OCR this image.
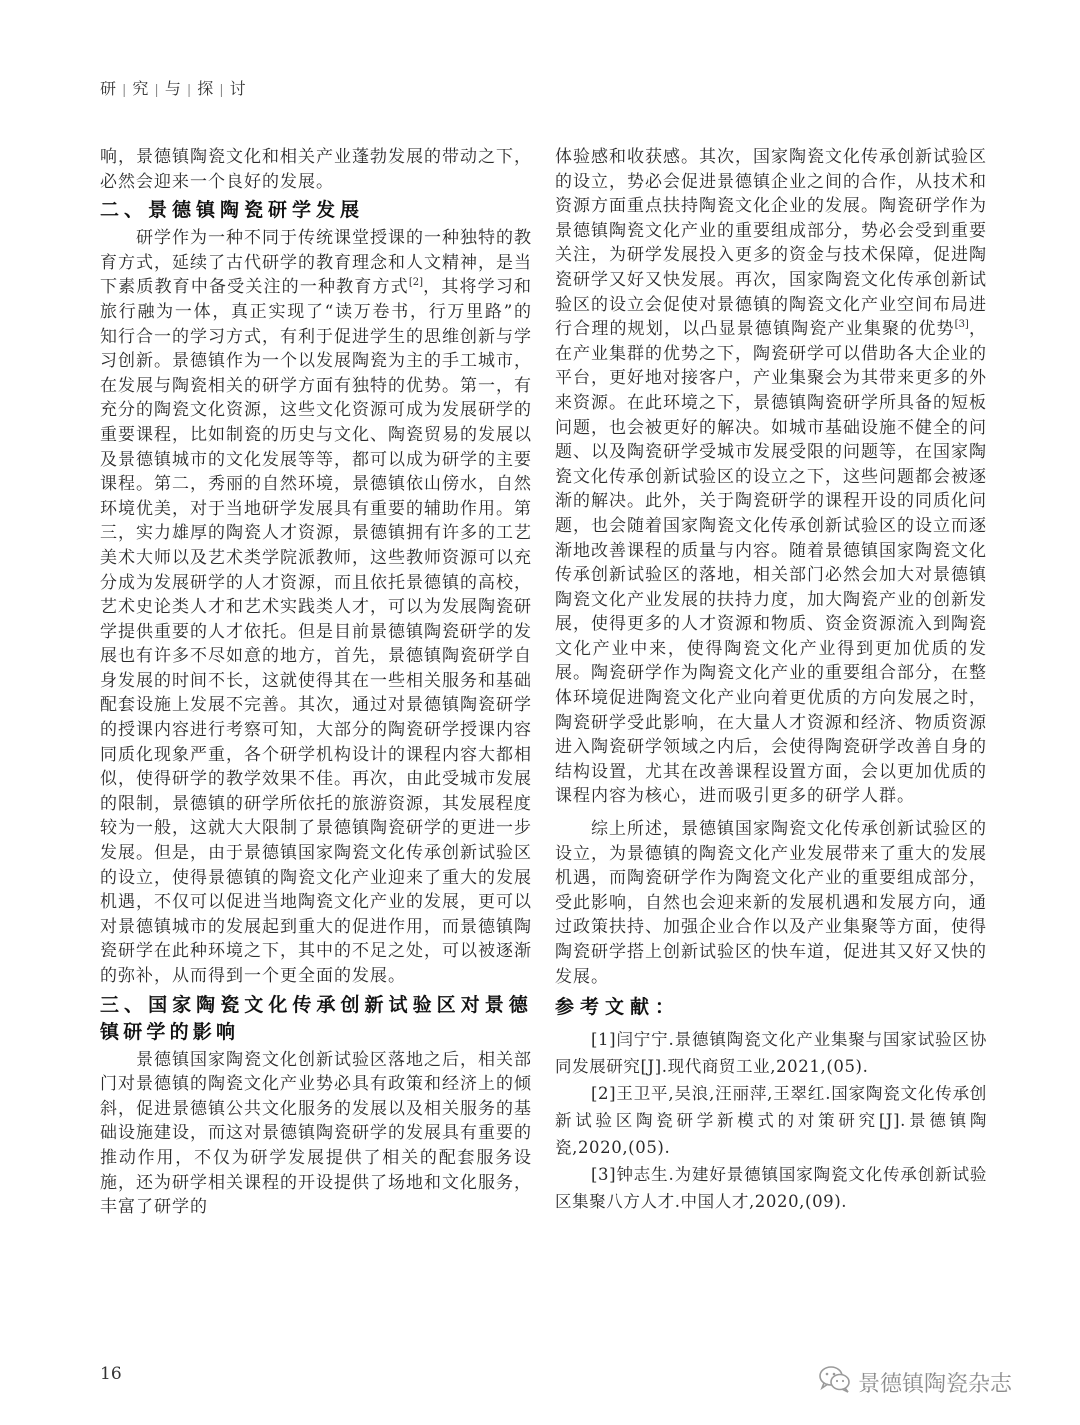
研 | 究 | 与 | 探 | 讨

响，景德镇陶瓷文化和相关产业蓬勃发展的带动之下，必然会迎来一个良好的发展。

二、景德镇陶瓷研学发展

研学作为一种不同于传统课堂授课的一种独特的教育方式，延续了古代研学的教育理念和人文精神，是当下素质教育中备受关注的一种教育方式[2]，其将学习和旅行融为一体，真正实现了“读万卷书，行万里路”的知行合一的学习方式，有利于促进学生的思维创新与学习创新。景德镇作为一个以发展陶瓷为主的手工城市，在发展与陶瓷相关的研学方面有独特的优势。第一，有充分的陶瓷文化资源，这些文化资源可成为发展研学的重要课程，比如制瓷的历史与文化、陶瓷贸易的发展以及景德镇城市的文化发展等等，都可以成为研学的主要课程。第二，秀丽的自然环境，景德镇依山傍水，自然环境优美，对于当地研学发展具有重要的辅助作用。第三，实力雄厚的陶瓷人才资源，景德镇拥有许多的工艺美术大师以及艺术类学院派教师，这些教师资源可以充分成为发展研学的人才资源，而且依托景德镇的高校，艺术史论类人才和艺术实践类人才，可以为发展陶瓷研学提供重要的人才依托。但是目前景德镇陶瓷研学的发展也有许多不尽如意的地方，首先，景德镇陶瓷研学自身发展的时间不长，这就使得其在一些相关服务和基础配套设施上发展不完善。其次，通过对景德镇陶瓷研学的授课内容进行考察可知，大部分的陶瓷研学授课内容同质化现象严重，各个研学机构设计的课程内容大都相似，使得研学的教学效果不佳。再次，由此受城市发展的限制，景德镇的研学所依托的旅游资源，其发展程度较为一般，这就大大限制了景德镇陶瓷研学的更进一步发展。但是，由于景德镇国家陶瓷文化传承创新试验区的设立，使得景德镇的陶瓷文化产业迎来了重大的发展机遇，不仅可以促进当地陶瓷文化产业的发展，更可以对景德镇城市的发展起到重大的促进作用，而景德镇陶瓷研学在此种环境之下，其中的不足之处，可以被逐渐的弥补，从而得到一个更全面的发展。

三、国家陶瓷文化传承创新试验区对景德镇研学的影响

景德镇国家陶瓷文化创新试验区落地之后，相关部门对景德镇的陶瓷文化产业势必具有政策和经济上的倾斜，促进景德镇公共文化服务的发展以及相关服务的基础设施建设，而这对景德镇陶瓷研学的发展具有重要的推动作用，不仅为研学发展提供了相关的配套服务设施，还为研学相关课程的开设提供了场地和文化服务，丰富了研学的

体验感和收获感。其次，国家陶瓷文化传承创新试验区的设立，势必会促进景德镇企业之间的合作，从技术和资源方面重点扶持陶瓷文化企业的发展。陶瓷研学作为景德镇陶瓷文化产业的重要组成部分，势必会受到重要关注，为研学发展投入更多的资金与技术保障，促进陶瓷研学又好又快发展。再次，国家陶瓷文化传承创新试验区的设立会促使对景德镇的陶瓷文化产业空间布局进行合理的规划，以凸显景德镇陶瓷产业集聚的优势[3]，在产业集群的优势之下，陶瓷研学可以借助各大企业的平台，更好地对接客户，产业集聚会为其带来更多的外来资源。在此环境之下，景德镇陶瓷研学所具备的短板问题，也会被更好的解决。如城市基础设施不健全的问题、以及陶瓷研学受城市发展受限的问题等，在国家陶瓷文化传承创新试验区的设立之下，这些问题都会被逐渐的解决。此外，关于陶瓷研学的课程开设的同质化问题，也会随着国家陶瓷文化传承创新试验区的设立而逐渐地改善课程的质量与内容。随着景德镇国家陶瓷文化传承创新试验区的落地，相关部门必然会加大对景德镇陶瓷文化产业发展的扶持力度，加大陶瓷产业的创新发展，使得更多的人才资源和物质、资金资源流入到陶瓷文化产业中来，使得陶瓷文化产业得到更加优质的发展。陶瓷研学作为陶瓷文化产业的重要组合部分，在整体环境促进陶瓷文化产业向着更优质的方向发展之时，陶瓷研学受此影响，在大量人才资源和经济、物质资源进入陶瓷研学领域之内后，会使得陶瓷研学改善自身的结构设置，尤其在改善课程设置方面，会以更加优质的课程内容为核心，进而吸引更多的研学人群。

综上所述，景德镇国家陶瓷文化传承创新试验区的设立，为景德镇的陶瓷文化产业发展带来了重大的发展机遇，而陶瓷研学作为陶瓷文化产业的重要组成部分，受此影响，自然也会迎来新的发展机遇和发展方向，通过政策扶持、加强企业合作以及产业集聚等方面，使得陶瓷研学搭上创新试验区的快车道，促进其又好又快的发展。

参考文献：

[1]闫宁宁.景德镇陶瓷文化产业集聚与国家试验区协同发展研究[J].现代商贸工业,2021,(05).

[2]王卫平,吴浪,汪丽萍,王翠红.国家陶瓷文化传承创新试验区陶瓷研学新模式的对策研究[J].景德镇陶瓷,2020,(05).

[3]钟志生.为建好景德镇国家陶瓷文化传承创新试验区集聚八方人才.中国人才,2020,(09).

16	景德镇陶瓷杂志
